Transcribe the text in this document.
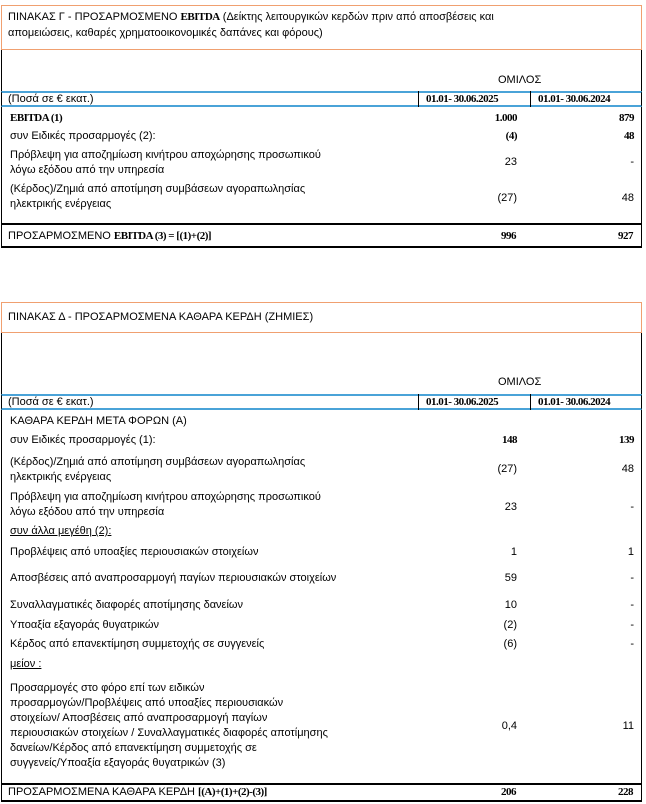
ΠΙΝΑΚΑΣ Γ - ΠΡΟΣΑΡΜΟΣΜΕΝΟ EBITDA (Δείκτης λειτουργικών κερδών πριν από αποσβέσεις και
απομειώσεις, καθαρές χρηματοοικονομικές δαπάνες και φόρους)
ΟΜΙΛΟΣ
(Ποσά σε € εκατ.)	01.01- 30.06.2025	01.01- 30.06.2024
EBITDA (1)	1.000	879
συν Ειδικές προσαρμογές (2):	(4)	48
Πρόβλεψη για αποζημίωση κινήτρου αποχώρησης προσωπικού
λόγω εξόδου από την υπηρεσία
23	-
(Κέρδος)/Ζημιά από αποτίμηση συμβάσεων αγοραπωλησίας
ηλεκτρικής ενέργειας	(27)	48
ΠΡΟΣΑΡΜΟΣΜΕΝΟ EBITDA (3) = [(1)+(2)]	996	927
ΠΙΝΑΚΑΣ Δ - ΠΡΟΣΑΡΜΟΣΜΕΝΑ ΚΑΘΑΡΑ ΚΕΡΔΗ (ΖΗΜΙΕΣ)
ΟΜΙΛΟΣ
(Ποσά σε € εκατ.)	01.01- 30.06.2025	01.01- 30.06.2024
ΚΑΘΑΡΑ ΚΕΡΔΗ ΜΕΤΑ ΦΟΡΩΝ (Α)
συν Ειδικές προσαρμογές (1):	148	139
(Κέρδος)/Ζημιά από αποτίμηση συμβάσεων αγοραπωλησίας
ηλεκτρικής ενέργειας
(27)	48
Πρόβλεψη για αποζημίωση κινήτρου αποχώρησης προσωπικού
λόγω εξόδου από την υπηρεσία	23	-
συν άλλα μεγέθη (2):
Προβλέψεις από υποαξίες περιουσιακών στοιχείων	1	1
Αποσβέσεις από αναπροσαρμογή παγίων περιουσιακών στοιχείων	59	-
Συναλλαγματικές διαφορές αποτίμησης δανείων	10	-
Υποαξία εξαγοράς θυγατρικών	(2)	-
Κέρδος από επανεκτίμηση συμμετοχής σε συγγενείς	(6)	-
μείον :
Προσαρμογές στο φόρο επί των ειδικών
προσαρμογών/Προβλέψεις από υποαξίες περιουσιακών
στοιχείων/ Αποσβέσεις από αναπροσαρμογή παγίων
περιουσιακών στοιχείων / Συναλλαγματικές διαφορές αποτίμησης
δανείων/Κέρδος από επανεκτίμηση συμμετοχής σε
συγγενείς/Υποαξία εξαγοράς θυγατρικών (3)
0,4	11
ΠΡΟΣΑΡΜΟΣΜΕΝΑ ΚΑΘΑΡΑ ΚΕΡΔΗ [(Α)+(1)+(2)-(3)]	206	228
